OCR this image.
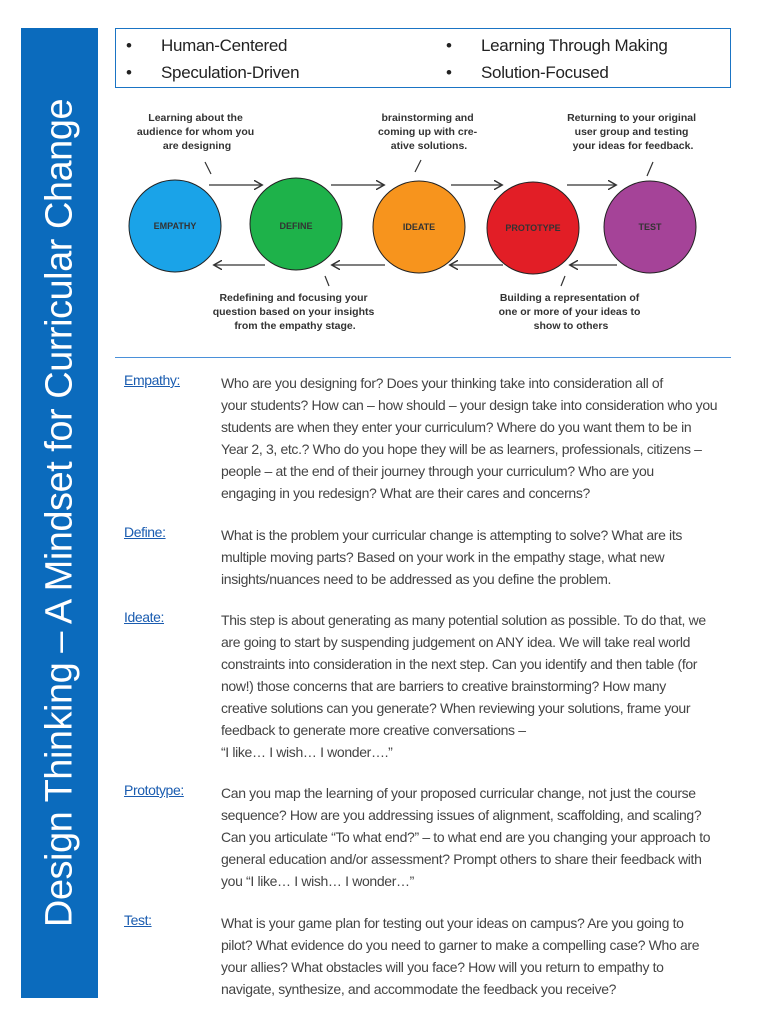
Design Thinking – A Mindset for Curricular Change
• Human-Centered
• Speculation-Driven
• Learning Through Making
• Solution-Focused
Learning about the audience for whom you are designing
brainstorming and coming up with cre- ative solutions.
Returning to your original user group and testing your ideas for feedback.
EMPATHY	DEFINE	IDEATE	PROTOTYPE	TEST
Redefining and focusing your question based on your insights from the empathy stage.
Building a representation of one or more of your ideas to show to others
Empathy:	Who are you designing for? Does your thinking take into consideration all of
your students? How can – how should – your design take into consideration who you
students are when they enter your curriculum? Where do you want them to be in
Year 2, 3, etc.? Who do you hope they will be as learners, professionals, citizens –
people – at the end of their journey through your curriculum? Who are you
engaging in you redesign? What are their cares and concerns?
Define:	What is the problem your curricular change is attempting to solve? What are its
multiple moving parts? Based on your work in the empathy stage, what new
insights/nuances need to be addressed as you define the problem.
Ideate:	This step is about generating as many potential solution as possible. To do that, we
are going to start by suspending judgement on ANY idea. We will take real world
constraints into consideration in the next step. Can you identify and then table (for
now!) those concerns that are barriers to creative brainstorming? How many
creative solutions can you generate? When reviewing your solutions, frame your
feedback to generate more creative conversations –
“I like… I wish… I wonder….”
Prototype:	Can you map the learning of your proposed curricular change, not just the course
sequence? How are you addressing issues of alignment, scaffolding, and scaling?
Can you articulate “To what end?” – to what end are you changing your approach to
general education and/or assessment? Prompt others to share their feedback with
you “I like… I wish… I wonder…”
Test:	What is your game plan for testing out your ideas on campus? Are you going to
pilot? What evidence do you need to garner to make a compelling case? Who are
your allies? What obstacles will you face? How will you return to empathy to
navigate, synthesize, and accommodate the feedback you receive?
